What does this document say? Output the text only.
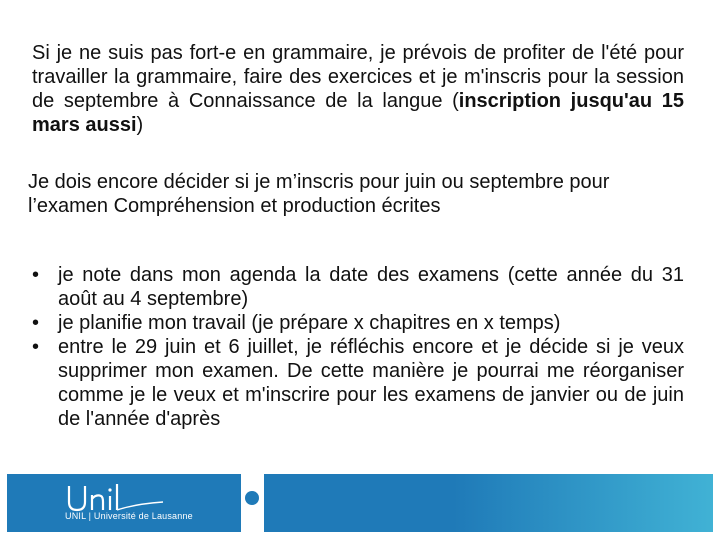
Si je ne suis pas fort-e en grammaire, je prévois de profiter de l'été pour travailler la grammaire, faire des exercices et je m'inscris pour la session de septembre à Connaissance de la langue (inscription jusqu'au 15 mars aussi)

Je dois encore décider si je m’inscris pour juin ou septembre pour l’examen Compréhension et production écrites

• je note dans mon agenda la date des examens (cette année du 31 août au 4 septembre)
• je planifie mon travail (je prépare x chapitres en x temps)
• entre le 29 juin et 6 juillet, je réfléchis encore et je décide si je veux supprimer mon examen. De cette manière je pourrai me réorganiser comme je le veux et m'inscrire pour les examens de janvier ou de juin de l'année d'après
UNIL | Université de Lausanne
